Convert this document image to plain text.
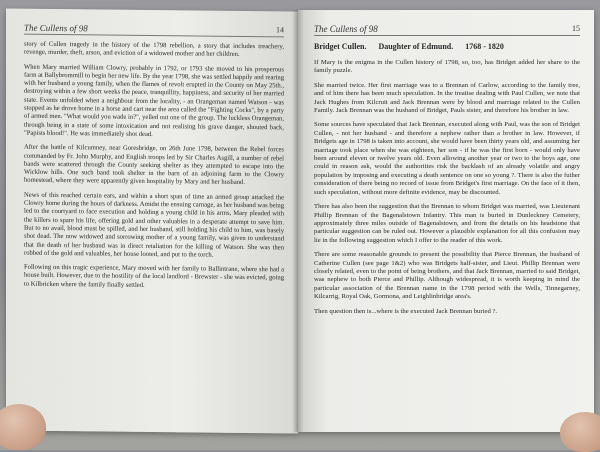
The Cullens of 98	14

story of Cullen tragedy in the history of the 1798 rebellion, a story that includes treachery, revenge, murder, theft, arson, and eviction of a widowed mother and her children.

When Mary married William Clowry, probably in 1792, or 1793 she moved to his prosperous farm at Ballybrommill to begin her new life. By the year 1798, she was settled happily and rearing with her husband a young family, when the flames of revolt erupted in the County on May 25th., destroying within a few short weeks the peace, tranquillity, happiness, and security of her married state. Events unfolded when a neighbour from the locality, - an Orangeman named Watson - was stopped as he drove home in a horse and cart near the area called the "Fighting Cocks", by a party of armed men. "What would you wade in?", yelled out one of the group. The luckless Orangeman, through being in a state of some intoxication and not realising his grave danger, shouted back, "Papists blood!". He was immediately shot dead.

After the battle of Kilcumney, near Goresbridge, on 26th June 1798, between the Rebel forces commanded by Fr. John Murphy, and English troops led by Sir Charles Asgill, a number of rebel bands were scattered through the County seeking shelter as they attempted to escape into the Wicklow hills. One such band took shelter in the barn of an adjoining farm to the Clowry homestead, where they were apparently given hospitality by Mary and her husband.

News of this reached certain ears, and within a short span of time an armed group attacked the Clowry home during the hours of darkness. Amidst the ensuing carnage, as her husband was being led to the courtyard to face execution and holding a young child in his arms, Mary pleaded with the killers to spare his life, offering gold and other valuables in a desperate attempt to save him. But to no avail, blood must be spilled, and her husband, still holding his child to him, was basely shot dead. The now widowed and sorrowing mother of a young family, was given to understand that the death of her husband was in direct retaliation for the killing of Watson. She was then robbed of the gold and valuables, her house looted, and put to the torch.

Following on this tragic experience, Mary moved with her family to Ballintrane, where she had a house built. However, due to the hostility of the local landlord - Brewster - she was evicted, going to Kilbricken where the family finally settled.

The Cullens of 98	15
Bridget Cullen. Daughter of Edmund. 1768 - 1820

If Mary is the enigma in the Cullen history of 1798, so, too, has Bridget added her share to the family puzzle.

She married twice. Her first marriage was to a Brennan of Carlow, according to the family tree, and of him there has been much speculation. In the treatise dealing with Paul Cullen, we note that Jack Hughes from Kilcruit and Jack Brennan were by blood and marriage related to the Cullen Family. Jack Brennan was the husband of Bridget, Pauls sister, and therefore his brother in law.

Some sources have speculated that Jack Brennan, executed along with Paul, was the son of Bridget Cullen, - not her husband - and therefore a nephew rather than a brother in law. However, if Bridgets age in 1798 is taken into account, she would have been thirty years old, and assuming her marriage took place when she was eighteen, her son - if he was the first born - would only have been around eleven or twelve years old. Even allowing another year or two to the boys age, one could in reason ask, would the authorities risk the backlash of an already volatile and angry population by imposing and executing a death sentence on one so young ?. There is also the futher consideration of there being no record of issue from Bridget's first marriage. On the face of it then, such speculation, without more definite evidence, may be discounted.

There has also been the suggestion that the Brennan to whom Bridget was married, was Lieutenant Phillip Brennan of the Bagenalstown Infantry. This man is buried in Dunleckney Cemetery, approximately three miles outside of Bagenalstown, and from the details on his headstone that particular suggestion can be ruled out. However a plausible explanation for all this confusion may lie in the following suggestion which I offer to the reader of this work.

There are some reasonable grounds to present the possibility that Pierce Brennan, the husband of Catherine Cullen (see page 1&2) who was Bridgets half-sister, and Lieut. Phillip Brennan were closely related, even to the point of being brothers, and that Jack Brennan, married to said Bridget, was nephew to both Pierce and Phillip. Although widespread, it is worth keeping in mind the particular association of the Brennan name in the 1798 period with the Wells, Tinnegarney, Kilcarrig, Royal Oak, Gormona, and Leighlinbridge area's.

Then question then is...where is the executed Jack Brennan buried ?.
